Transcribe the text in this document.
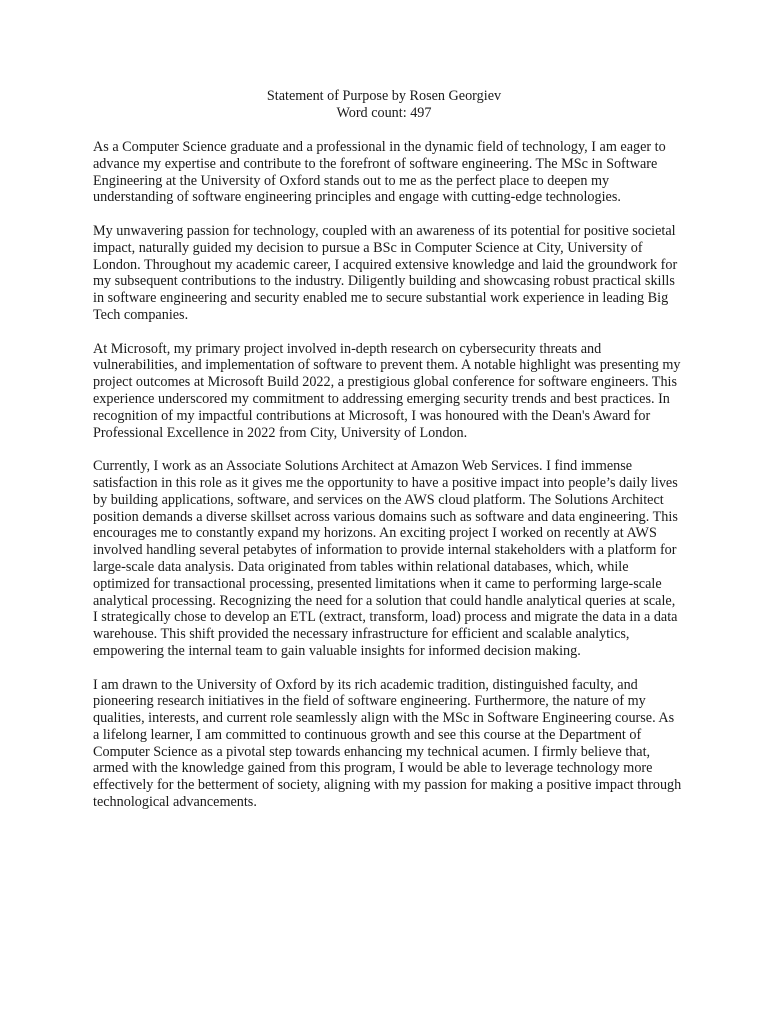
Statement of Purpose by Rosen Georgiev
Word count: 497

As a Computer Science graduate and a professional in the dynamic field of technology, I am eager to advance my expertise and contribute to the forefront of software engineering. The MSc in Software Engineering at the University of Oxford stands out to me as the perfect place to deepen my understanding of software engineering principles and engage with cutting-edge technologies.

My unwavering passion for technology, coupled with an awareness of its potential for positive societal impact, naturally guided my decision to pursue a BSc in Computer Science at City, University of London. Throughout my academic career, I acquired extensive knowledge and laid the groundwork for my subsequent contributions to the industry. Diligently building and showcasing robust practical skills in software engineering and security enabled me to secure substantial work experience in leading Big Tech companies.

At Microsoft, my primary project involved in-depth research on cybersecurity threats and vulnerabilities, and implementation of software to prevent them. A notable highlight was presenting my project outcomes at Microsoft Build 2022, a prestigious global conference for software engineers. This experience underscored my commitment to addressing emerging security trends and best practices. In recognition of my impactful contributions at Microsoft, I was honoured with the Dean's Award for Professional Excellence in 2022 from City, University of London.

Currently, I work as an Associate Solutions Architect at Amazon Web Services. I find immense satisfaction in this role as it gives me the opportunity to have a positive impact into people’s daily lives by building applications, software, and services on the AWS cloud platform. The Solutions Architect position demands a diverse skillset across various domains such as software and data engineering. This encourages me to constantly expand my horizons. An exciting project I worked on recently at AWS involved handling several petabytes of information to provide internal stakeholders with a platform for large-scale data analysis. Data originated from tables within relational databases, which, while optimized for transactional processing, presented limitations when it came to performing large-scale analytical processing. Recognizing the need for a solution that could handle analytical queries at scale, I strategically chose to develop an ETL (extract, transform, load) process and migrate the data in a data warehouse. This shift provided the necessary infrastructure for efficient and scalable analytics, empowering the internal team to gain valuable insights for informed decision making.

I am drawn to the University of Oxford by its rich academic tradition, distinguished faculty, and pioneering research initiatives in the field of software engineering. Furthermore, the nature of my qualities, interests, and current role seamlessly align with the MSc in Software Engineering course. As a lifelong learner, I am committed to continuous growth and see this course at the Department of Computer Science as a pivotal step towards enhancing my technical acumen. I firmly believe that, armed with the knowledge gained from this program, I would be able to leverage technology more effectively for the betterment of society, aligning with my passion for making a positive impact through technological advancements.
